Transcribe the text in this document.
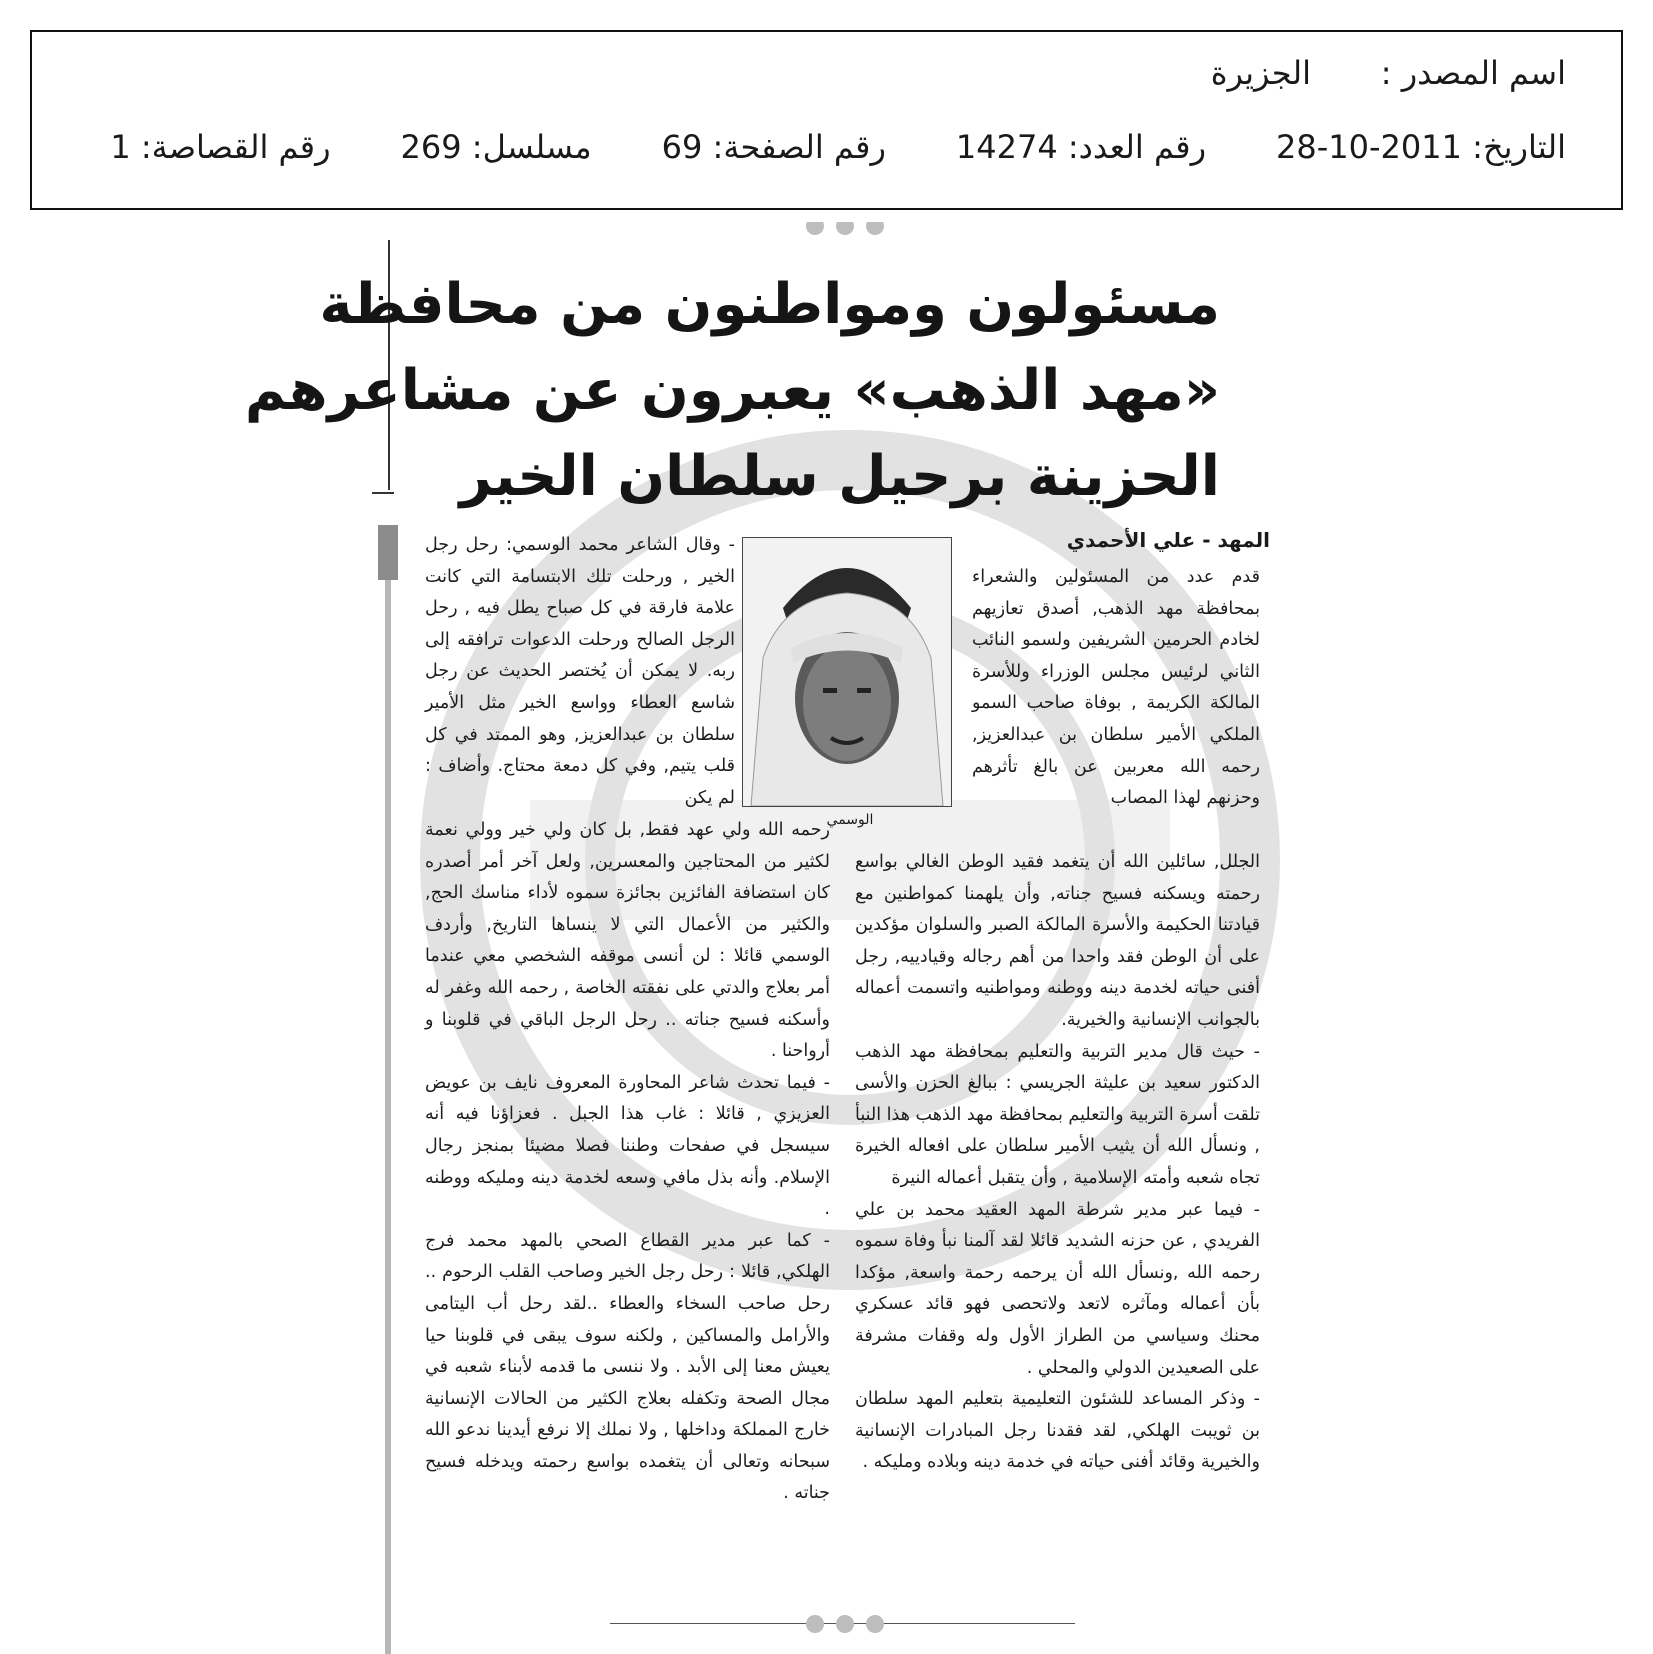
اسم المصدر :الجزيرة
التاريخ: 2011-10-28رقم العدد: 14274رقم الصفحة: 69مسلسل: 269رقم القصاصة: 1
مسئولون ومواطنون من محافظة
«مهد الذهب» يعبرون عن مشاعرهم
الحزينة برحيل سلطان الخير
المهد - علي الأحمدي
الوسمي

قدم عدد من المسئولين والشعراء بمحافظة مهد الذهب, أصدق تعازيهم لخادم الحرمين الشريفين ولسمو النائب الثاني لرئيس مجلس الوزراء وللأسرة المالكة الكريمة , بوفاة صاحب السمو الملكي الأمير سلطان بن عبدالعزيز, رحمه الله معربين عن بالغ تأثرهم وحزنهم لهذا المصاب

الجلل, سائلين الله أن يتغمد فقيد الوطن الغالي بواسع رحمته ويسكنه فسيح جناته, وأن يلهمنا كمواطنين مع قيادتنا الحكيمة والأسرة المالكة الصبر والسلوان مؤكدين على أن الوطن فقد واحدا من أهم رجاله وقيادييه, رجل أفنى حياته لخدمة دينه ووطنه ومواطنيه واتسمت أعماله بالجوانب الإنسانية والخيرية.

- حيث قال مدير التربية والتعليم بمحافظة مهد الذهب الدكتور سعيد بن عليثة الجريسي : ببالغ الحزن والأسى تلقت أسرة التربية والتعليم بمحافظة مهد الذهب هذا النبأ , ونسأل الله أن يثيب الأمير سلطان على افعاله الخيرة تجاه شعبه وأمته الإسلامية , وأن يتقبل أعماله النيرة

- فيما عبر مدير شرطة المهد العقيد محمد بن علي الفريدي , عن حزنه الشديد قائلا لقد آلمنا نبأ وفاة سموه رحمه الله ,ونسأل الله أن يرحمه رحمة واسعة, مؤكدا بأن أعماله ومآثره لاتعد ولاتحصى فهو قائد عسكري محنك وسياسي من الطراز الأول وله وقفات مشرفة على الصعيدين الدولي والمحلي .

- وذكر المساعد للشئون التعليمية بتعليم المهد سلطان بن ثويبت الهلكي, لقد فقدنا رجل المبادرات الإنسانية والخيرية وقائد أفنى حياته في خدمة دينه وبلاده ومليكه .

- وقال الشاعر محمد الوسمي: رحل رجل الخير , ورحلت تلك الابتسامة التي كانت علامة فارقة في كل صباح يطل فيه , رحل الرجل الصالح ورحلت الدعوات ترافقه إلى ربه. لا يمكن أن يُختصر الحديث عن رجل شاسع العطاء وواسع الخير مثل الأمير سلطان بن عبدالعزيز, وهو الممتد في كل قلب يتيم, وفي كل دمعة محتاج. وأضاف : لم يكن

رحمه الله ولي عهد فقط, بل كان ولي خير وولي نعمة لكثير من المحتاجين والمعسرين, ولعل آخر أمر أصدره كان استضافة الفائزين بجائزة سموه لأداء مناسك الحج, والكثير من الأعمال التي لا ينساها التاريخ, وأردف الوسمي قائلا : لن أنسى موقفه الشخصي معي عندما أمر بعلاج والدتي على نفقته الخاصة , رحمه الله وغفر له وأسكنه فسيح جناته .. رحل الرجل الباقي في قلوبنا و أرواحنا .

- فيما تحدث شاعر المحاورة المعروف نايف بن عويض العزيزي , قائلا : غاب هذا الجبل . فعزاؤنا فيه أنه سيسجل في صفحات وطننا فصلا مضيئا بمنجز رجال الإسلام. وأنه بذل مافي وسعه لخدمة دينه ومليكه ووطنه .

- كما عبر مدير القطاع الصحي بالمهد محمد فرج الهلكي, قائلا : رحل رجل الخير وصاحب القلب الرحوم .. رحل صاحب السخاء والعطاء ..لقد رحل أب اليتامى والأرامل والمساكين , ولكنه سوف يبقى في قلوبنا حيا يعيش معنا إلى الأبد . ولا ننسى ما قدمه لأبناء شعبه في مجال الصحة وتكفله بعلاج الكثير من الحالات الإنسانية خارج المملكة وداخلها , ولا نملك إلا نرفع أيدينا ندعو الله سبحانه وتعالى أن يتغمده بواسع رحمته ويدخله فسيح جناته .
